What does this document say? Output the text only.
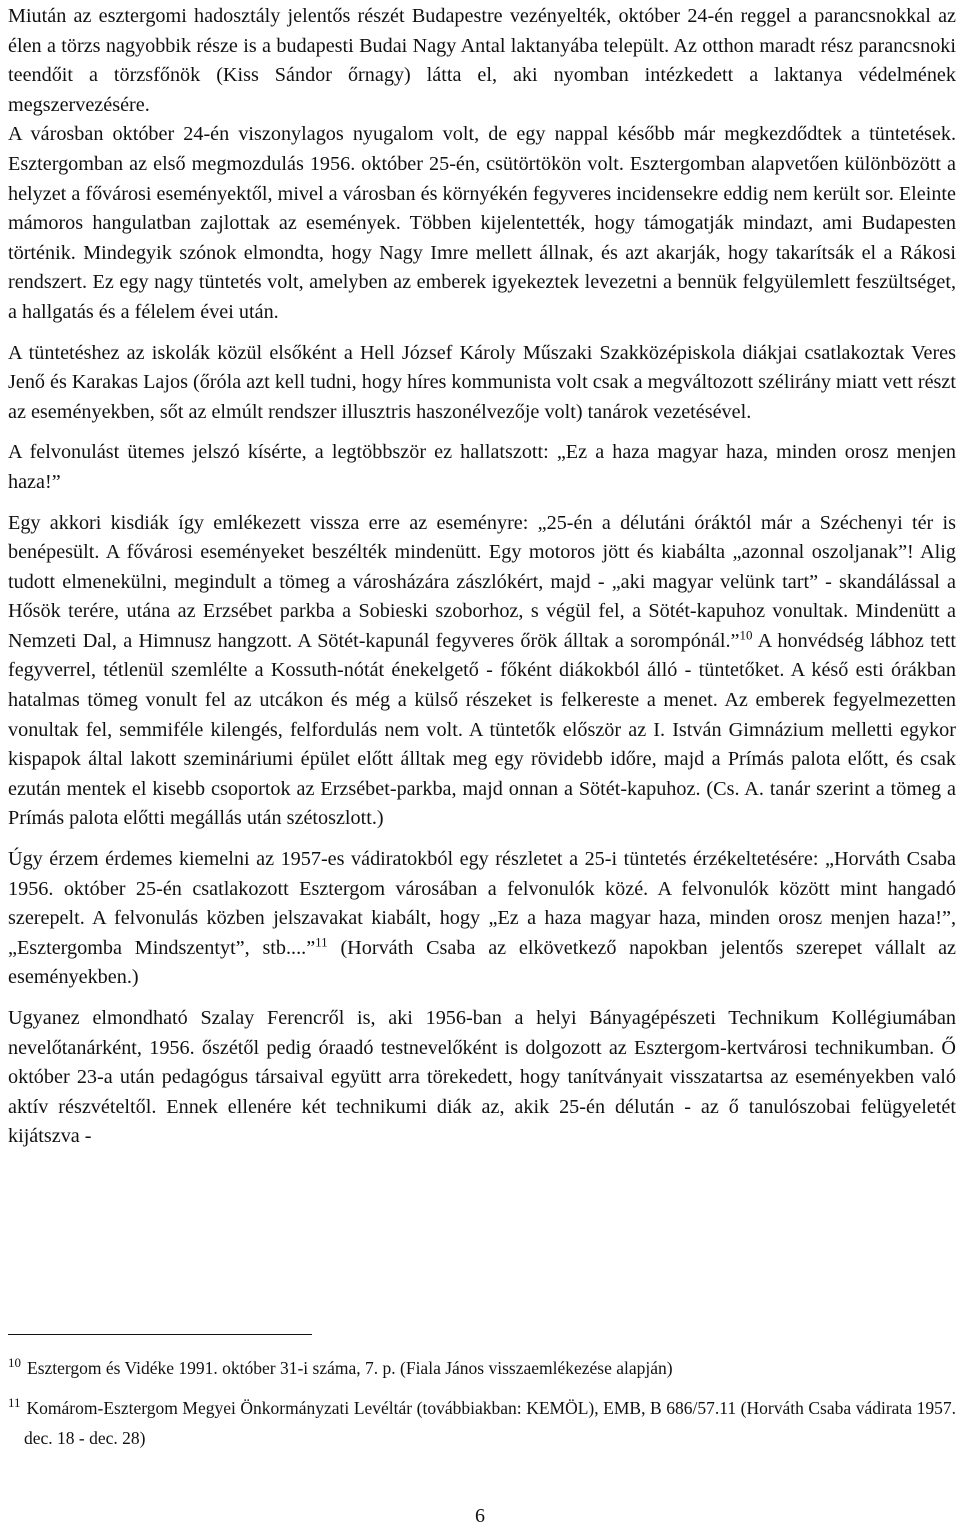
Miután az esztergomi hadosztály jelentős részét Budapestre vezényelték, október 24-én reggel a parancsnokkal az élen a törzs nagyobbik része is a budapesti Budai Nagy Antal laktanyába települt. Az otthon maradt rész parancsnoki teendőit a törzsfőnök (Kiss Sándor őrnagy) látta el, aki nyomban intézkedett a laktanya védelmének megszervezésére.

A városban október 24-én viszonylagos nyugalom volt, de egy nappal később már megkezdődtek a tüntetések. Esztergomban az első megmozdulás 1956. október 25-én, csütörtökön volt. Esztergomban alapvetően különbözött a helyzet a fővárosi eseményektől, mivel a városban és környékén fegyveres incidensekre eddig nem került sor. Eleinte mámoros hangulatban zajlottak az események. Többen kijelentették, hogy támogatják mindazt, ami Budapesten történik. Mindegyik szónok elmondta, hogy Nagy Imre mellett állnak, és azt akarják, hogy takarítsák el a Rákosi rendszert. Ez egy nagy tüntetés volt, amelyben az emberek igyekeztek levezetni a bennük felgyülemlett feszültséget, a hallgatás és a félelem évei után.

A tüntetéshez az iskolák közül elsőként a Hell József Károly Műszaki Szakközépiskola diákjai csatlakoztak Veres Jenő és Karakas Lajos (őróla azt kell tudni, hogy híres kommunista volt csak a megváltozott szélirány miatt vett részt az eseményekben, sőt az elmúlt rendszer illusztris haszonélvezője volt) tanárok vezetésével.

A felvonulást ütemes jelszó kísérte, a legtöbbször ez hallatszott: „Ez a haza magyar haza, minden orosz menjen haza!”

Egy akkori kisdiák így emlékezett vissza erre az eseményre: „25-én a délutáni óráktól már a Széchenyi tér is benépesült. A fővárosi eseményeket beszélték mindenütt. Egy motoros jött és kiabálta „azonnal oszoljanak”! Alig tudott elmenekülni, megindult a tömeg a városházára zászlókért, majd - „aki magyar velünk tart” - skandálással a Hősök terére, utána az Erzsébet parkba a Sobieski szoborhoz, s végül fel, a Sötét-kapuhoz vonultak. Mindenütt a Nemzeti Dal, a Himnusz hangzott. A Sötét-kapunál fegyveres őrök álltak a sorompónál.”$^{10}$ A honvédség lábhoz tett fegyverrel, tétlenül szemlélte a Kossuth-nótát énekelgető - főként diákokból álló - tüntetőket. A késő esti órákban hatalmas tömeg vonult fel az utcákon és még a külső részeket is felkereste a menet. Az emberek fegyelmezetten vonultak fel, semmiféle kilengés, felfordulás nem volt. A tüntetők először az I. István Gimnázium melletti egykor kispapok által lakott szemináriumi épület előtt álltak meg egy rövidebb időre, majd a Prímás palota előtt, és csak ezután mentek el kisebb csoportok az Erzsébet-parkba, majd onnan a Sötét-kapuhoz. (Cs. A. tanár szerint a tömeg a Prímás palota előtti megállás után szétoszlott.)

Úgy érzem érdemes kiemelni az 1957-es vádiratokból egy részletet a 25-i tüntetés érzékeltetésére: „Horváth Csaba 1956. október 25-én csatlakozott Esztergom városában a felvonulók közé. A felvonulók között mint hangadó szerepelt. A felvonulás közben jelszavakat kiabált, hogy „Ez a haza magyar haza, minden orosz menjen haza!”, „Esztergomba Mindszentyt”, stb....”$^{11}$ (Horváth Csaba az elkövetkező napokban jelentős szerepet vállalt az eseményekben.)

Ugyanez elmondható Szalay Ferencről is, aki 1956-ban a helyi Bányagépészeti Technikum Kollégiumában nevelőtanárként, 1956. őszétől pedig óraadó testnevelőként is dolgozott az Esztergom-kertvárosi technikumban. Ő október 23-a után pedagógus társaival együtt arra törekedett, hogy tanítványait visszatartsa az eseményekben való aktív részvételtől. Ennek ellenére két technikumi diák az, akik 25-én délután - az ő tanulószobai felügyeletét kijátszva -

$^{10}$ Esztergom és Vidéke 1991. október 31-i száma, 7. p. (Fiala János visszaemlékezése alapján)

$^{11}$ Komárom-Esztergom Megyei Önkormányzati Levéltár (továbbiakban: KEMÖL), EMB, B 686/57.11 (Horváth Csaba vádirata 1957. dec. 18 - dec. 28)

6
